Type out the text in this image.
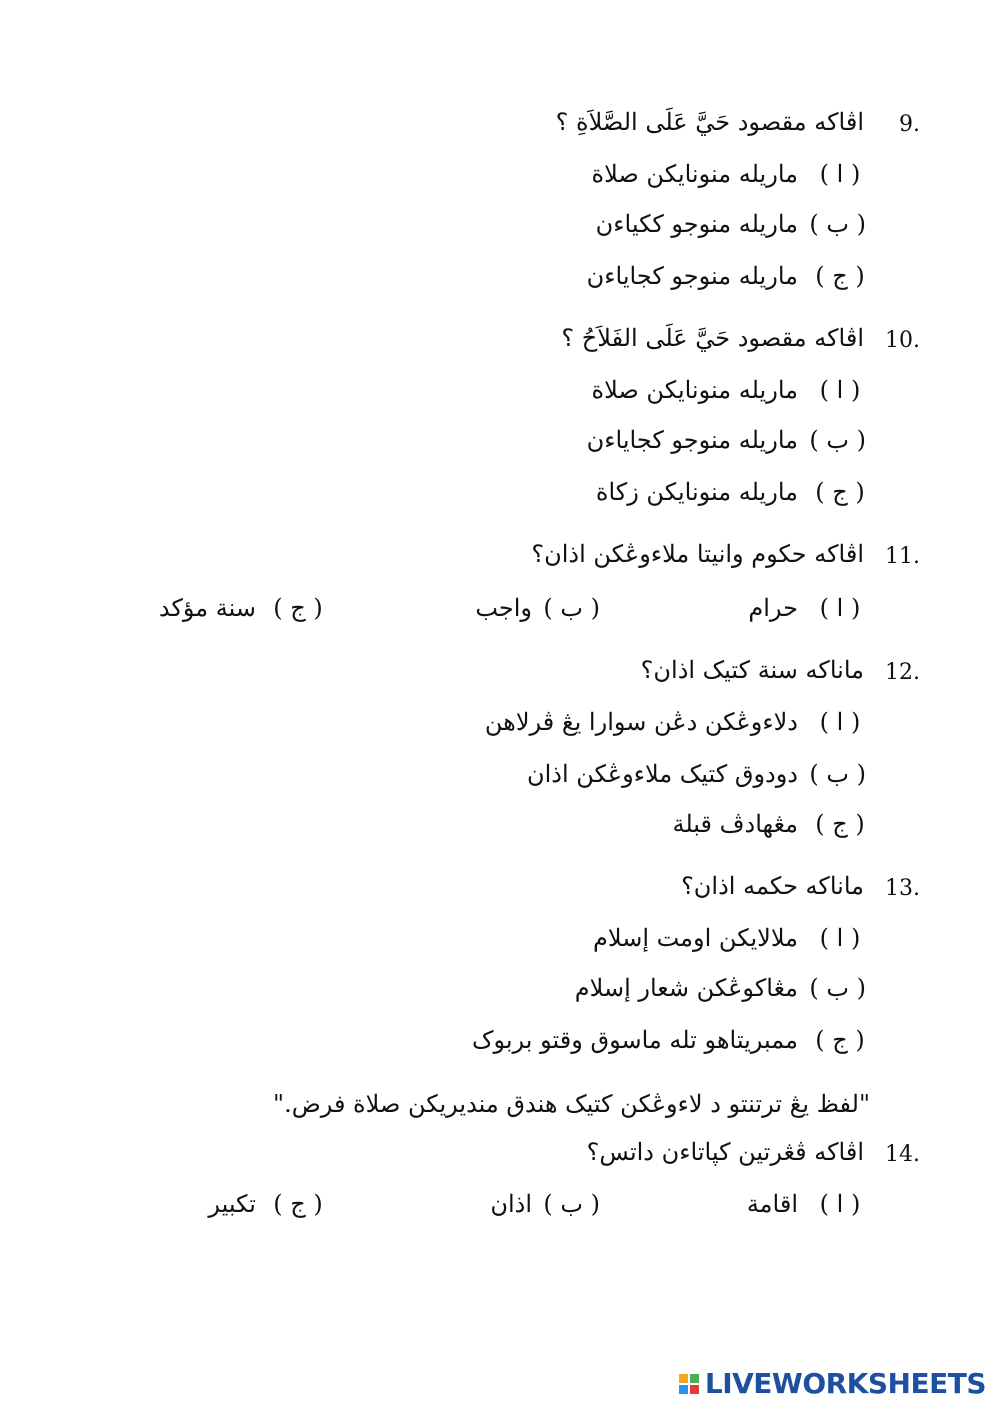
9.
اڤاکه مقصود حَيَّ عَلَى الصَّلاَةِ ؟
( ا )ماريله منونايکن صلاة
( ب )ماريله منوجو ککياءن
( ج )ماريله منوجو کجاياءن
10.
اڤاکه مقصود حَيَّ عَلَى الفَلاَحُ ؟
( ا )ماريله منونايکن صلاة
( ب )ماريله منوجو کجاياءن
( ج )ماريله منونايکن زکاة
11.
اڤاکه حکوم وانيتا ملاءوڠکن اذان؟
( ا )حرام
( ب )واجب
( ج )سنة مؤکد
12.
ماناکه سنة کتيک اذان؟
( ا )دلاءوڠکن دڠن سوارا يڠ ڤرلاهن
( ب )دودوق کتيک ملاءوڠکن اذان
( ج )مڠهادڤ قبلة
13.
ماناکه حکمه اذان؟
( ا )ملالايکن اومت إسلام
( ب )مڠاکوڠکن شعار إسلام
( ج )ممبريتاهو تله ماسوق وقتو بربوک
"لفظ يڠ ترتنتو د لاءوڠکن کتيک هندق منديريکن صلاة فرض."
14.
اڤاکه ڤڠرتين کپاتاءن داتس؟
( ا )اقامة
( ب )اذان
( ج )تکبير
LIVEWORKSHEETS
